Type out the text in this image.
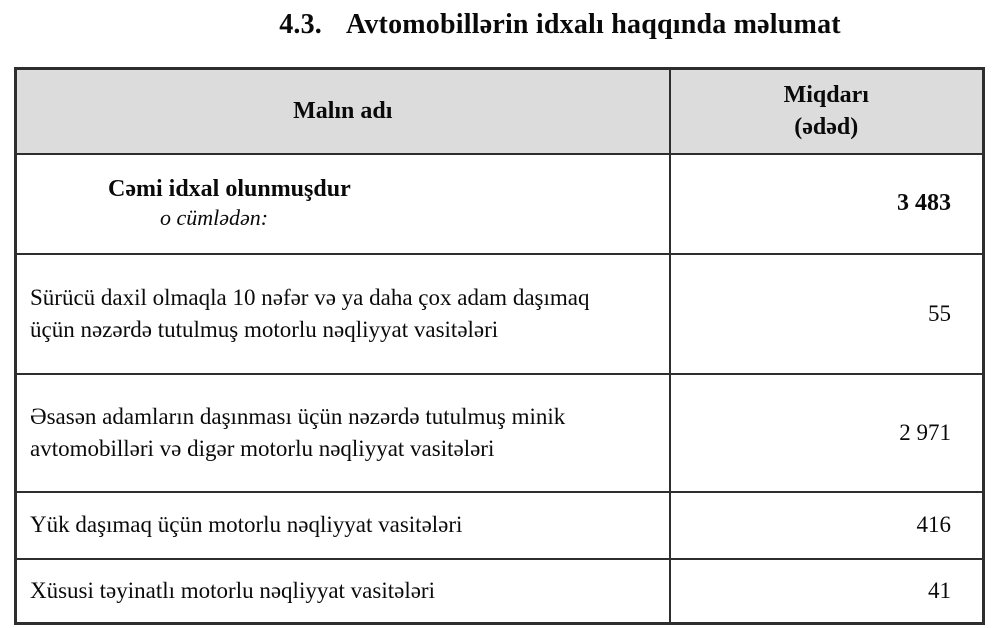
4.3. Avtomobillərin idxalı haqqında məlumat
Malın adı	Miqdarı
(ədəd)

Cəmi idxal olunmuşdur
o cümlədən:	3 483

Sürücü daxil olmaqla 10 nəfər və ya daha çox adam daşımaq üçün nəzərdə tutulmuş motorlu nəqliyyat vasitələri	55

Əsasən adamların daşınması üçün nəzərdə tutulmuş minik avtomobilləri və digər motorlu nəqliyyat vasitələri	2 971

Yük daşımaq üçün motorlu nəqliyyat vasitələri	416

Xüsusi təyinatlı motorlu nəqliyyat vasitələri	41
